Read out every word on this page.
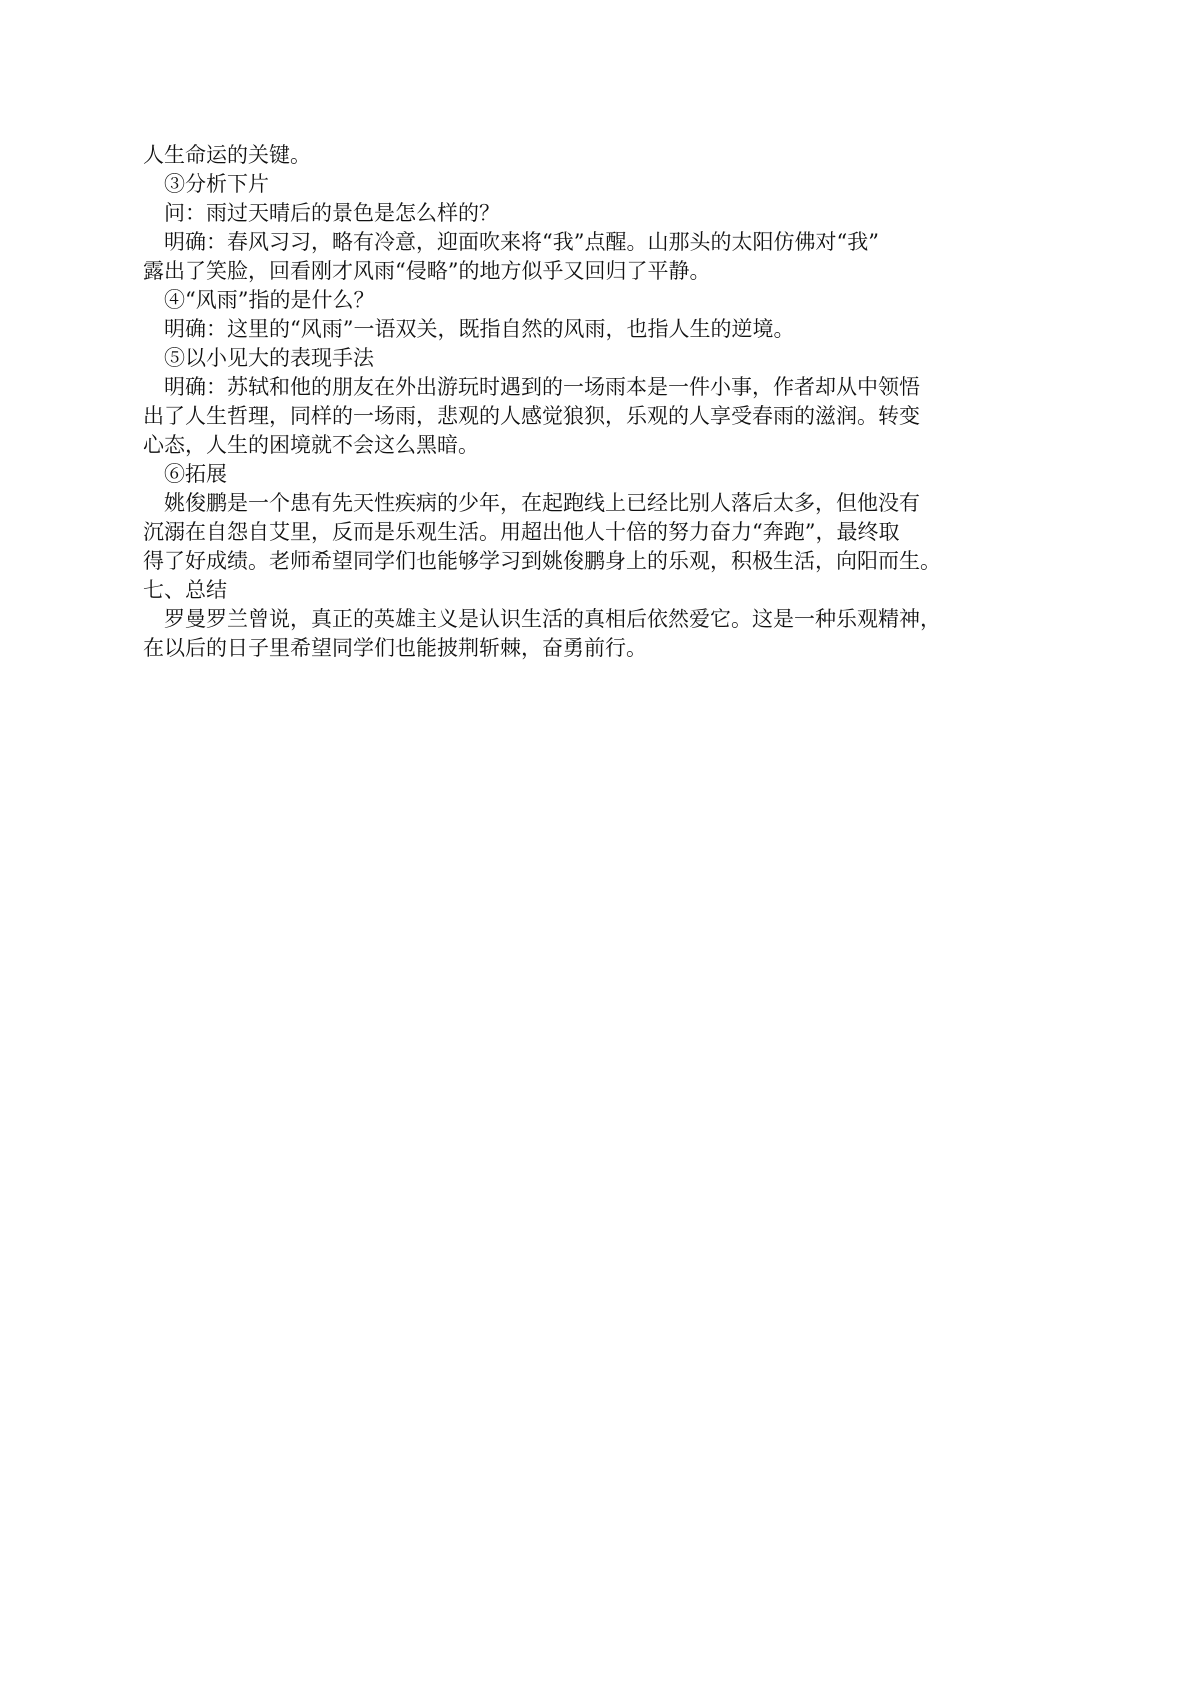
人生命运的关键。
③分析下片
问：雨过天晴后的景色是怎么样的？
明确：春风习习，略有冷意，迎面吹来将“我”点醒。山那头的太阳仿佛对“我”
露出了笑脸，回看刚才风雨“侵略”的地方似乎又回归了平静。
④“风雨”指的是什么？
明确：这里的“风雨”一语双关，既指自然的风雨，也指人生的逆境。
⑤以小见大的表现手法
明确：苏轼和他的朋友在外出游玩时遇到的一场雨本是一件小事，作者却从中领悟
出了人生哲理，同样的一场雨，悲观的人感觉狼狈，乐观的人享受春雨的滋润。转变
心态，人生的困境就不会这么黑暗。
⑥拓展
姚俊鹏是一个患有先天性疾病的少年，在起跑线上已经比别人落后太多，但他没有
沉溺在自怨自艾里，反而是乐观生活。用超出他人十倍的努力奋力“奔跑”，最终取
得了好成绩。老师希望同学们也能够学习到姚俊鹏身上的乐观，积极生活，向阳而生。
七、总结
罗曼罗兰曾说，真正的英雄主义是认识生活的真相后依然爱它。这是一种乐观精神，
在以后的日子里希望同学们也能披荆斩棘，奋勇前行。
